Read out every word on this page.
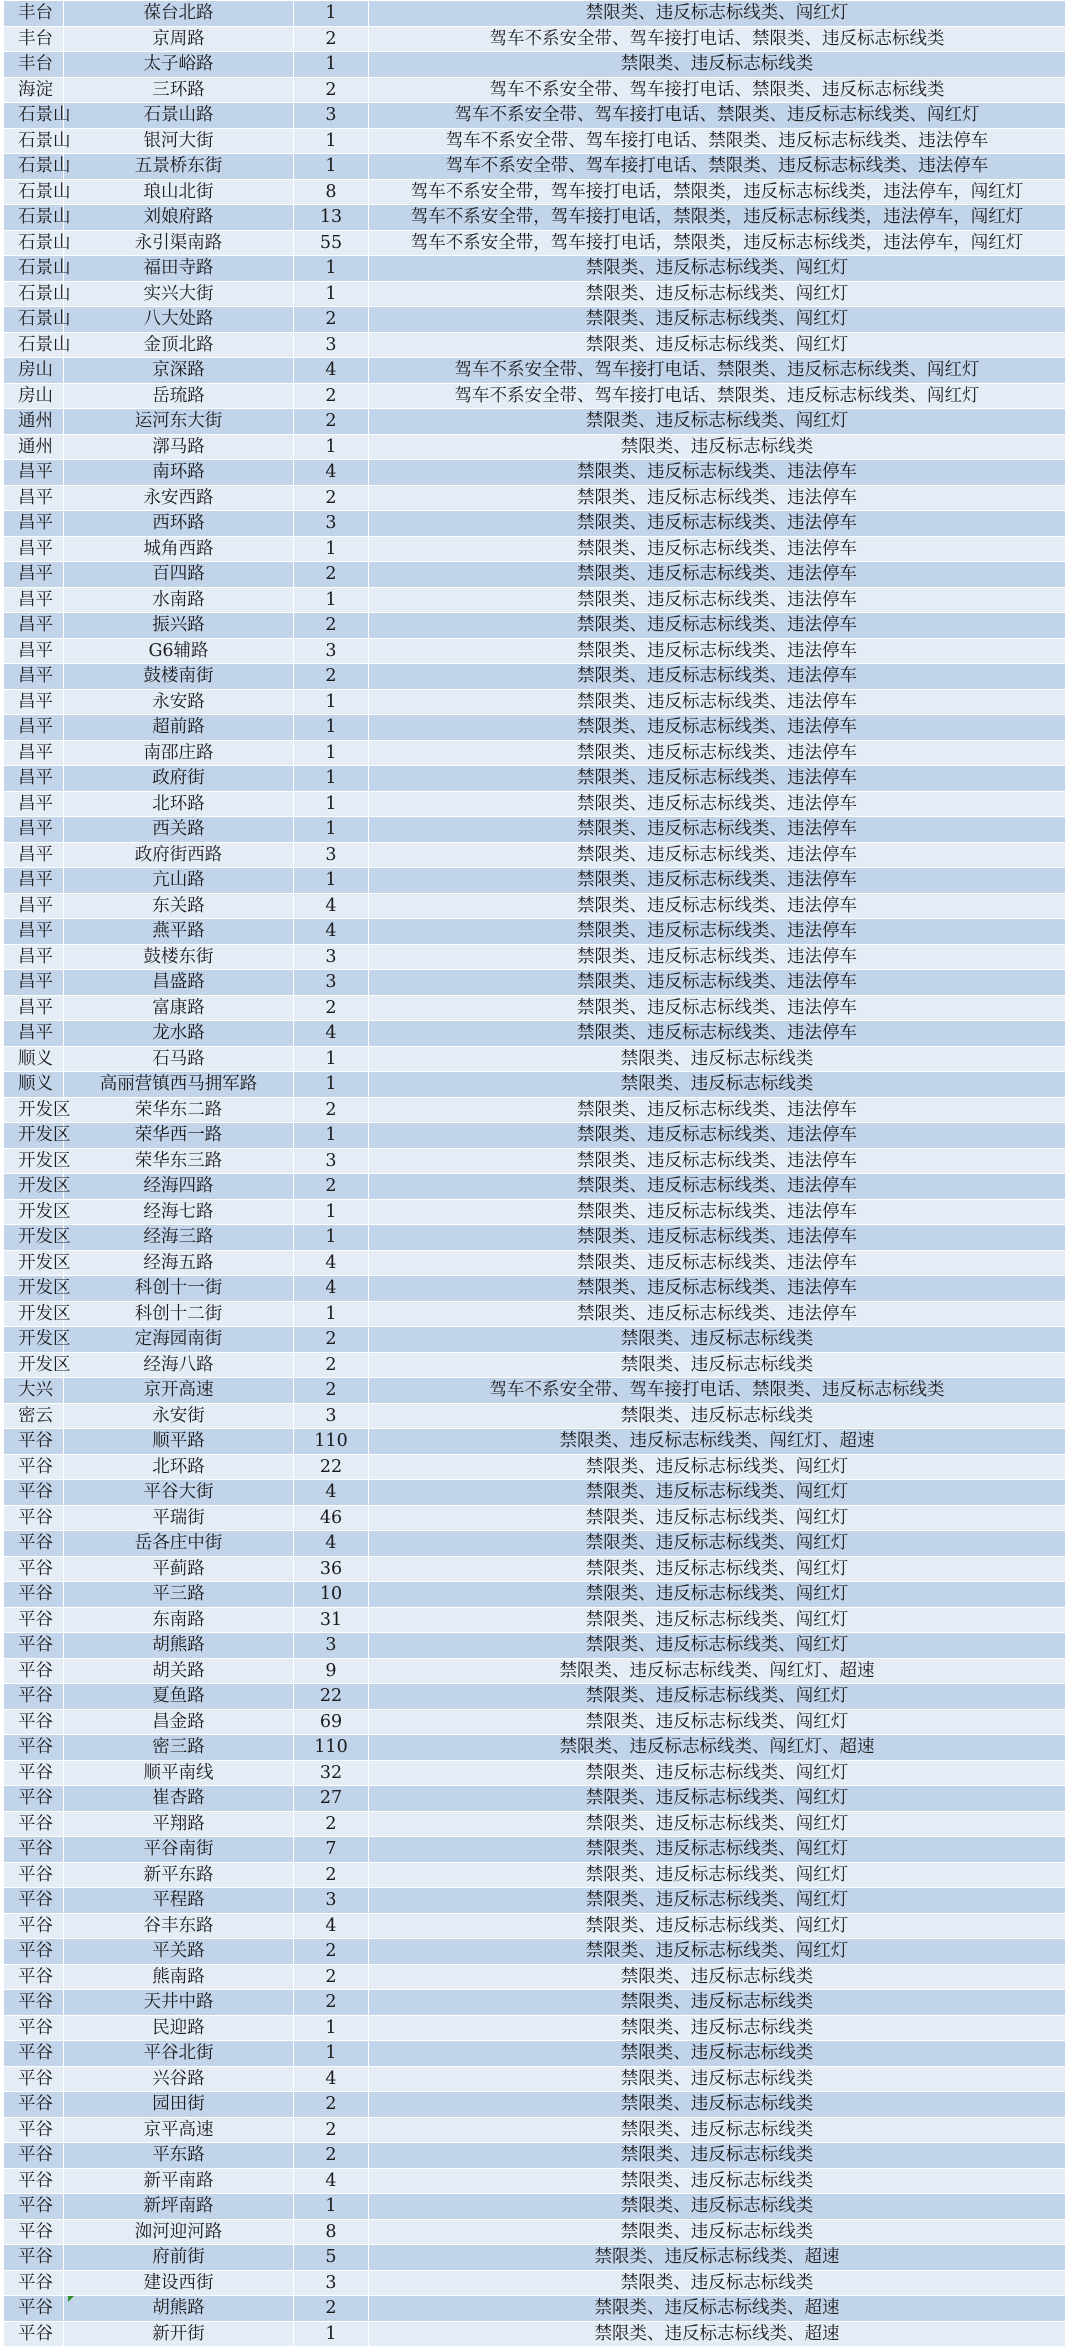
丰台	葆台北路	1	禁限类、违反标志标线类、闯红灯
丰台	京周路	2	驾车不系安全带、驾车接打电话、禁限类、违反标志标线类
丰台	太子峪路	1	禁限类、违反标志标线类
海淀	三环路	2	驾车不系安全带、驾车接打电话、禁限类、违反标志标线类
石景山	石景山路	3	驾车不系安全带、驾车接打电话、禁限类、违反标志标线类、闯红灯
石景山	银河大街	1	驾车不系安全带、驾车接打电话、禁限类、违反标志标线类、违法停车
石景山	五景桥东街	1	驾车不系安全带、驾车接打电话、禁限类、违反标志标线类、违法停车
石景山	琅山北街	8	驾车不系安全带，驾车接打电话，禁限类，违反标志标线类，违法停车，闯红灯
石景山	刘娘府路	13	驾车不系安全带，驾车接打电话，禁限类，违反标志标线类，违法停车，闯红灯
石景山	永引渠南路	55	驾车不系安全带，驾车接打电话，禁限类，违反标志标线类，违法停车，闯红灯
石景山	福田寺路	1	禁限类、违反标志标线类、闯红灯
石景山	实兴大街	1	禁限类、违反标志标线类、闯红灯
石景山	八大处路	2	禁限类、违反标志标线类、闯红灯
石景山	金顶北路	3	禁限类、违反标志标线类、闯红灯
房山	京深路	4	驾车不系安全带、驾车接打电话、禁限类、违反标志标线类、闯红灯
房山	岳琉路	2	驾车不系安全带、驾车接打电话、禁限类、违反标志标线类、闯红灯
通州	运河东大街	2	禁限类、违反标志标线类、闯红灯
通州	漷马路	1	禁限类、违反标志标线类
昌平	南环路	4	禁限类、违反标志标线类、违法停车
昌平	永安西路	2	禁限类、违反标志标线类、违法停车
昌平	西环路	3	禁限类、违反标志标线类、违法停车
昌平	城角西路	1	禁限类、违反标志标线类、违法停车
昌平	百四路	2	禁限类、违反标志标线类、违法停车
昌平	水南路	1	禁限类、违反标志标线类、违法停车
昌平	振兴路	2	禁限类、违反标志标线类、违法停车
昌平	G6辅路	3	禁限类、违反标志标线类、违法停车
昌平	鼓楼南街	2	禁限类、违反标志标线类、违法停车
昌平	永安路	1	禁限类、违反标志标线类、违法停车
昌平	超前路	1	禁限类、违反标志标线类、违法停车
昌平	南邵庄路	1	禁限类、违反标志标线类、违法停车
昌平	政府街	1	禁限类、违反标志标线类、违法停车
昌平	北环路	1	禁限类、违反标志标线类、违法停车
昌平	西关路	1	禁限类、违反标志标线类、违法停车
昌平	政府街西路	3	禁限类、违反标志标线类、违法停车
昌平	亢山路	1	禁限类、违反标志标线类、违法停车
昌平	东关路	4	禁限类、违反标志标线类、违法停车
昌平	燕平路	4	禁限类、违反标志标线类、违法停车
昌平	鼓楼东街	3	禁限类、违反标志标线类、违法停车
昌平	昌盛路	3	禁限类、违反标志标线类、违法停车
昌平	富康路	2	禁限类、违反标志标线类、违法停车
昌平	龙水路	4	禁限类、违反标志标线类、违法停车
顺义	石马路	1	禁限类、违反标志标线类
顺义	高丽营镇西马拥军路	1	禁限类、违反标志标线类
开发区	荣华东二路	2	禁限类、违反标志标线类、违法停车
开发区	荣华西一路	1	禁限类、违反标志标线类、违法停车
开发区	荣华东三路	3	禁限类、违反标志标线类、违法停车
开发区	经海四路	2	禁限类、违反标志标线类、违法停车
开发区	经海七路	1	禁限类、违反标志标线类、违法停车
开发区	经海三路	1	禁限类、违反标志标线类、违法停车
开发区	经海五路	4	禁限类、违反标志标线类、违法停车
开发区	科创十一街	4	禁限类、违反标志标线类、违法停车
开发区	科创十二街	1	禁限类、违反标志标线类、违法停车
开发区	定海园南街	2	禁限类、违反标志标线类
开发区	经海八路	2	禁限类、违反标志标线类
大兴	京开高速	2	驾车不系安全带、驾车接打电话、禁限类、违反标志标线类
密云	永安街	3	禁限类、违反标志标线类
平谷	顺平路	110	禁限类、违反标志标线类、闯红灯、超速
平谷	北环路	22	禁限类、违反标志标线类、闯红灯
平谷	平谷大街	4	禁限类、违反标志标线类、闯红灯
平谷	平瑞街	46	禁限类、违反标志标线类、闯红灯
平谷	岳各庄中街	4	禁限类、违反标志标线类、闯红灯
平谷	平蓟路	36	禁限类、违反标志标线类、闯红灯
平谷	平三路	10	禁限类、违反标志标线类、闯红灯
平谷	东南路	31	禁限类、违反标志标线类、闯红灯
平谷	胡熊路	3	禁限类、违反标志标线类、闯红灯
平谷	胡关路	9	禁限类、违反标志标线类、闯红灯、超速
平谷	夏鱼路	22	禁限类、违反标志标线类、闯红灯
平谷	昌金路	69	禁限类、违反标志标线类、闯红灯
平谷	密三路	110	禁限类、违反标志标线类、闯红灯、超速
平谷	顺平南线	32	禁限类、违反标志标线类、闯红灯
平谷	崔杏路	27	禁限类、违反标志标线类、闯红灯
平谷	平翔路	2	禁限类、违反标志标线类、闯红灯
平谷	平谷南街	7	禁限类、违反标志标线类、闯红灯
平谷	新平东路	2	禁限类、违反标志标线类、闯红灯
平谷	平程路	3	禁限类、违反标志标线类、闯红灯
平谷	谷丰东路	4	禁限类、违反标志标线类、闯红灯
平谷	平关路	2	禁限类、违反标志标线类、闯红灯
平谷	熊南路	2	禁限类、违反标志标线类
平谷	天井中路	2	禁限类、违反标志标线类
平谷	民迎路	1	禁限类、违反标志标线类
平谷	平谷北街	1	禁限类、违反标志标线类
平谷	兴谷路	4	禁限类、违反标志标线类
平谷	园田街	2	禁限类、违反标志标线类
平谷	京平高速	2	禁限类、违反标志标线类
平谷	平东路	2	禁限类、违反标志标线类
平谷	新平南路	4	禁限类、违反标志标线类
平谷	新坪南路	1	禁限类、违反标志标线类
平谷	洳河迎河路	8	禁限类、违反标志标线类
平谷	府前街	5	禁限类、违反标志标线类、超速
平谷	建设西街	3	禁限类、违反标志标线类
平谷	胡熊路	2	禁限类、违反标志标线类、超速
平谷	新开街	1	禁限类、违反标志标线类、超速
